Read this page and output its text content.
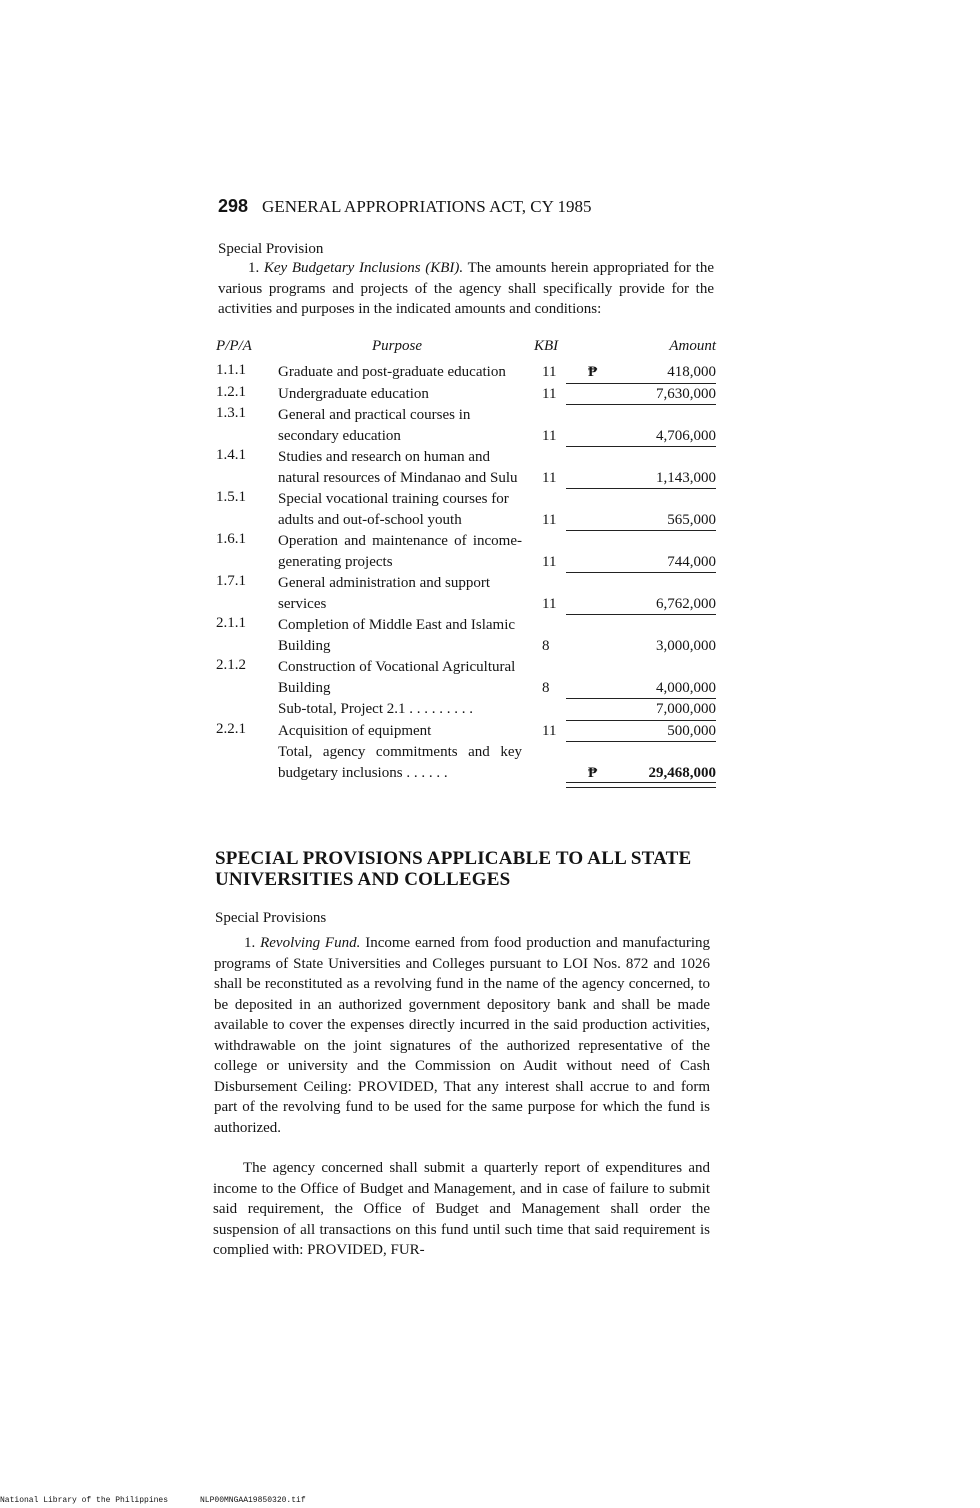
298 GENERAL APPROPRIATIONS ACT, CY 1985
Special Provision
1. Key Budgetary Inclusions (KBI). The amounts herein appropriated for the various programs and projects of the agency shall specifically provide for the activities and purposes in the indicated amounts and conditions:
P/P/A	Purpose	KBI	Amount
1.1.1 Graduate and post-graduate education	11 ₱	418,000
1.2.1 Undergraduate education	11	7,630,000
1.3.1 General and practical courses in secondary education	11	4,706,000
1.4.1 Studies and research on human and natural resources of Mindanao and Sulu 11	1,143,000
1.5.1 Special vocational training courses for adults and out-of-school youth	11	565,000
1.6.1 Operation and maintenance of income-generating projects	11	744,000
1.7.1 General administration and support services	11	6,762,000
2.1.1 Completion of Middle East and Islamic Building	8	3,000,000
2.1.2 Construction of Vocational Agricultural Building	8	4,000,000
Sub-total, Project 2.1 . . . . . . . . .	7,000,000
2.2.1 Acquisition of equipment	11	500,000
Total, agency commitments and key budgetary inclusions . . . . . .	₱	29,468,000
SPECIAL PROVISIONS APPLICABLE TO ALL STATE UNIVERSITIES AND COLLEGES
Special Provisions
1. Revolving Fund. Income earned from food production and manufacturing programs of State Universities and Colleges pursuant to LOI Nos. 872 and 1026 shall be reconstituted as a revolving fund in the name of the agency concerned, to be deposited in an authorized government depository bank and shall be made available to cover the expenses directly incurred in the said production activities, withdrawable on the joint signatures of the authorized representative of the college or university and the Commission on Audit without need of Cash Disbursement Ceiling: PROVIDED, That any interest shall accrue to and form part of the revolving fund to be used for the same purpose for which the fund is authorized.
The agency concerned shall submit a quarterly report of expenditures and income to the Office of Budget and Management, and in case of failure to submit said requirement, the Office of Budget and Management shall order the suspension of all transactions on this fund until such time that said requirement is complied with: PROVIDED, FUR-
National Library of the Philippines	NLP00MNGAA19850320.tif
